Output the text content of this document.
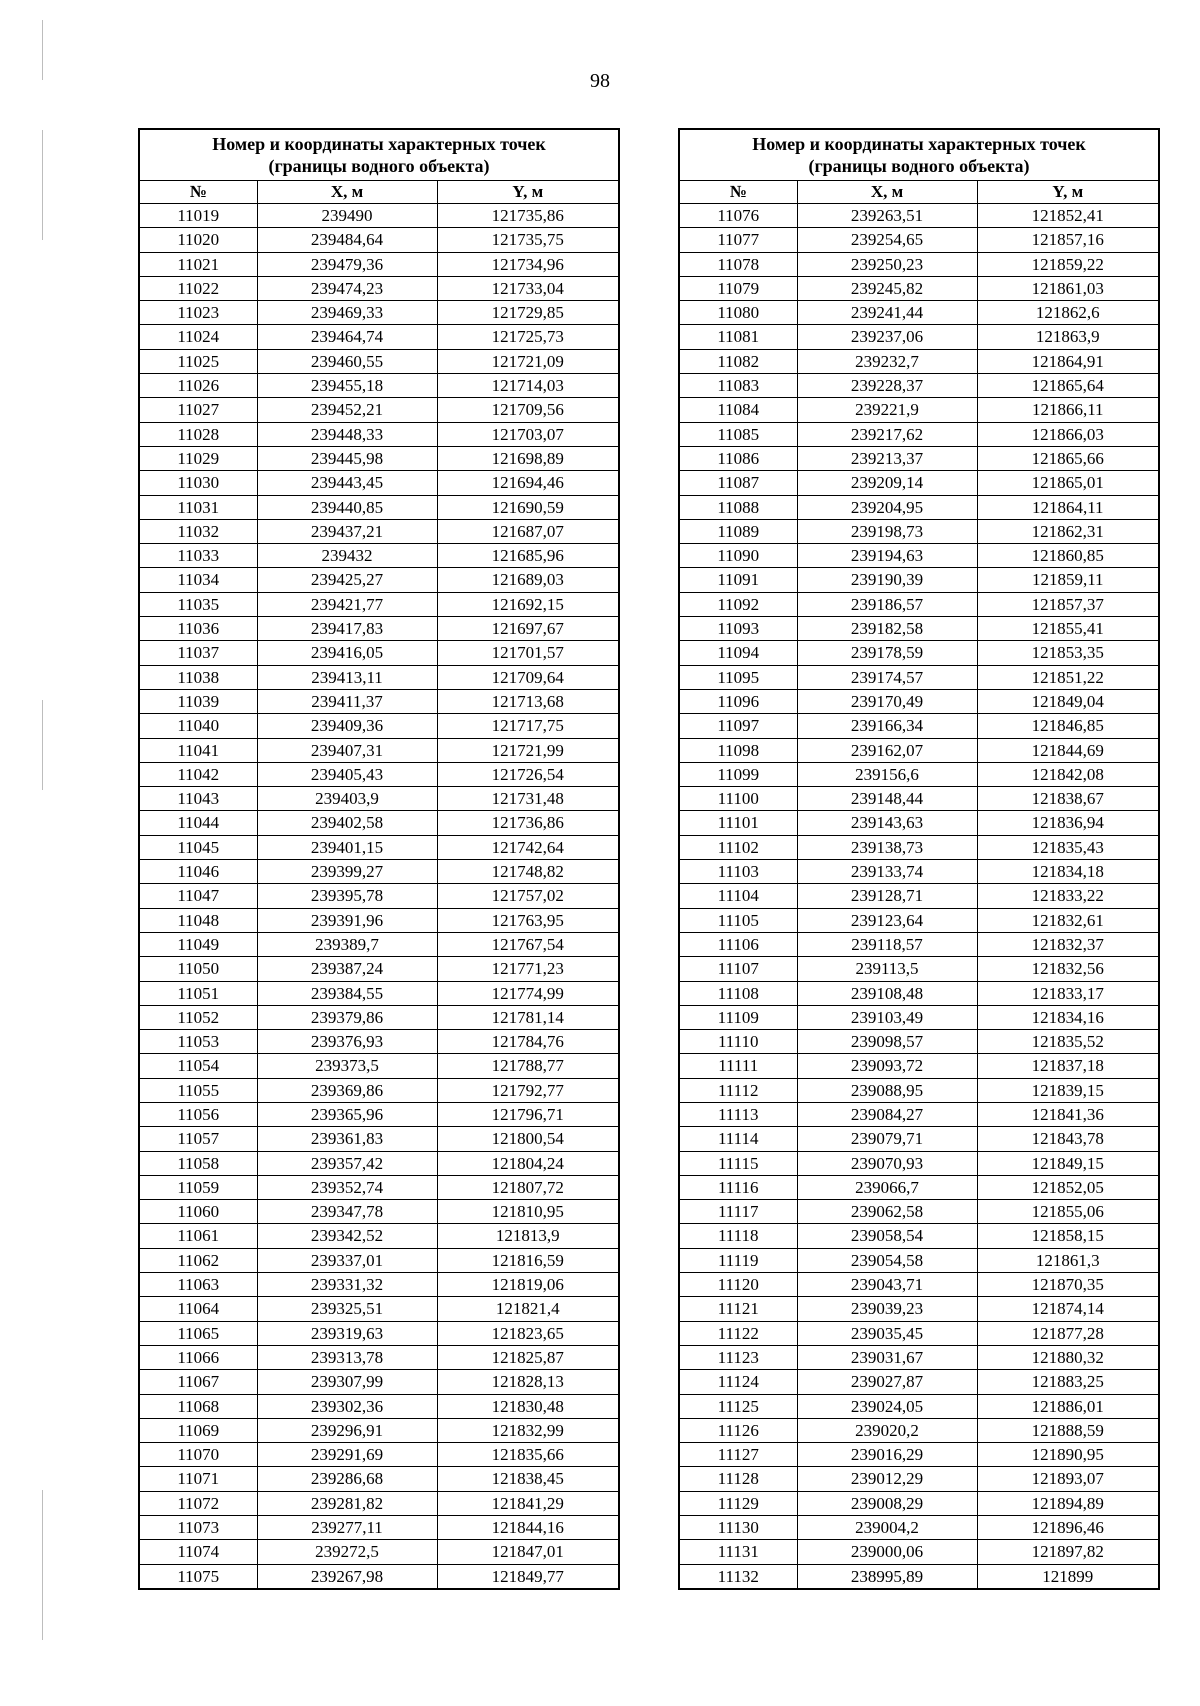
98
Номер и координаты характерных точек
(границы водного объекта)		
№	X, м	Y, м
11019	239490	121735,86
11020	239484,64	121735,75
11021	239479,36	121734,96
11022	239474,23	121733,04
11023	239469,33	121729,85
11024	239464,74	121725,73
11025	239460,55	121721,09
11026	239455,18	121714,03
11027	239452,21	121709,56
11028	239448,33	121703,07
11029	239445,98	121698,89
11030	239443,45	121694,46
11031	239440,85	121690,59
11032	239437,21	121687,07
11033	239432	121685,96
11034	239425,27	121689,03
11035	239421,77	121692,15
11036	239417,83	121697,67
11037	239416,05	121701,57
11038	239413,11	121709,64
11039	239411,37	121713,68
11040	239409,36	121717,75
11041	239407,31	121721,99
11042	239405,43	121726,54
11043	239403,9	121731,48
11044	239402,58	121736,86
11045	239401,15	121742,64
11046	239399,27	121748,82
11047	239395,78	121757,02
11048	239391,96	121763,95
11049	239389,7	121767,54
11050	239387,24	121771,23
11051	239384,55	121774,99
11052	239379,86	121781,14
11053	239376,93	121784,76
11054	239373,5	121788,77
11055	239369,86	121792,77
11056	239365,96	121796,71
11057	239361,83	121800,54
11058	239357,42	121804,24
11059	239352,74	121807,72
11060	239347,78	121810,95
11061	239342,52	121813,9
11062	239337,01	121816,59
11063	239331,32	121819,06
11064	239325,51	121821,4
11065	239319,63	121823,65
11066	239313,78	121825,87
11067	239307,99	121828,13
11068	239302,36	121830,48
11069	239296,91	121832,99
11070	239291,69	121835,66
11071	239286,68	121838,45
11072	239281,82	121841,29
11073	239277,11	121844,16
11074	239272,5	121847,01
11075	239267,98	121849,77
Номер и координаты характерных точек
(границы водного объекта)		
№	X, м	Y, м
11076	239263,51	121852,41
11077	239254,65	121857,16
11078	239250,23	121859,22
11079	239245,82	121861,03
11080	239241,44	121862,6
11081	239237,06	121863,9
11082	239232,7	121864,91
11083	239228,37	121865,64
11084	239221,9	121866,11
11085	239217,62	121866,03
11086	239213,37	121865,66
11087	239209,14	121865,01
11088	239204,95	121864,11
11089	239198,73	121862,31
11090	239194,63	121860,85
11091	239190,39	121859,11
11092	239186,57	121857,37
11093	239182,58	121855,41
11094	239178,59	121853,35
11095	239174,57	121851,22
11096	239170,49	121849,04
11097	239166,34	121846,85
11098	239162,07	121844,69
11099	239156,6	121842,08
11100	239148,44	121838,67
11101	239143,63	121836,94
11102	239138,73	121835,43
11103	239133,74	121834,18
11104	239128,71	121833,22
11105	239123,64	121832,61
11106	239118,57	121832,37
11107	239113,5	121832,56
11108	239108,48	121833,17
11109	239103,49	121834,16
11110	239098,57	121835,52
11111	239093,72	121837,18
11112	239088,95	121839,15
11113	239084,27	121841,36
11114	239079,71	121843,78
11115	239070,93	121849,15
11116	239066,7	121852,05
11117	239062,58	121855,06
11118	239058,54	121858,15
11119	239054,58	121861,3
11120	239043,71	121870,35
11121	239039,23	121874,14
11122	239035,45	121877,28
11123	239031,67	121880,32
11124	239027,87	121883,25
11125	239024,05	121886,01
11126	239020,2	121888,59
11127	239016,29	121890,95
11128	239012,29	121893,07
11129	239008,29	121894,89
11130	239004,2	121896,46
11131	239000,06	121897,82
11132	238995,89	121899
